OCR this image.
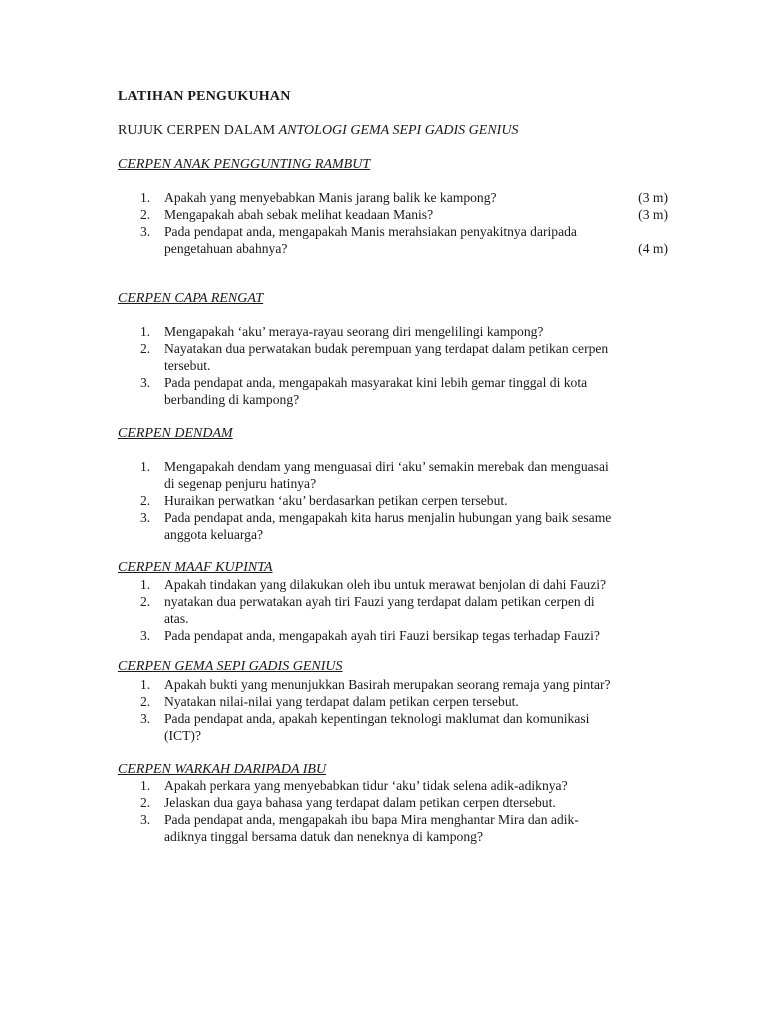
LATIHAN PENGUKUHAN
RUJUK CERPEN DALAM ANTOLOGI GEMA SEPI GADIS GENIUS
CERPEN ANAK PENGGUNTING RAMBUT
1. Apakah yang menyebabkan Manis jarang balik ke kampong?	(3 m)
2. Mengapakah abah sebak melihat keadaan Manis?	(3 m)
3. Pada pendapat anda, mengapakah Manis merahsiakan penyakitnya daripada
pengetahuan abahnya?	(4 m)
CERPEN CAPA RENGAT
1. Mengapakah ‘aku’ meraya-rayau seorang diri mengelilingi kampong?
2. Nayatakan dua perwatakan budak perempuan yang terdapat dalam petikan cerpen
tersebut.
3. Pada pendapat anda, mengapakah masyarakat kini lebih gemar tinggal di kota
berbanding di kampong?
CERPEN DENDAM
1. Mengapakah dendam yang menguasai diri ‘aku’ semakin merebak dan menguasai
di segenap penjuru hatinya?
2. Huraikan perwatkan ‘aku’ berdasarkan petikan cerpen tersebut.
3. Pada pendapat anda, mengapakah kita harus menjalin hubungan yang baik sesame
anggota keluarga?
CERPEN MAAF KUPINTA
1. Apakah tindakan yang dilakukan oleh ibu untuk merawat benjolan di dahi Fauzi?
2. nyatakan dua perwatakan ayah tiri Fauzi yang terdapat dalam petikan cerpen di
atas.
3. Pada pendapat anda, mengapakah ayah tiri Fauzi bersikap tegas terhadap Fauzi?
CERPEN GEMA SEPI GADIS GENIUS
1. Apakah bukti yang menunjukkan Basirah merupakan seorang remaja yang pintar?
2. Nyatakan nilai-nilai yang terdapat dalam petikan cerpen tersebut.
3. Pada pendapat anda, apakah kepentingan teknologi maklumat dan komunikasi
(ICT)?
CERPEN WARKAH DARIPADA IBU
1. Apakah perkara yang menyebabkan tidur ‘aku’ tidak selena adik-adiknya?
2. Jelaskan dua gaya bahasa yang terdapat dalam petikan cerpen dtersebut.
3. Pada pendapat anda, mengapakah ibu bapa Mira menghantar Mira dan adik-
adiknya tinggal bersama datuk dan neneknya di kampong?
